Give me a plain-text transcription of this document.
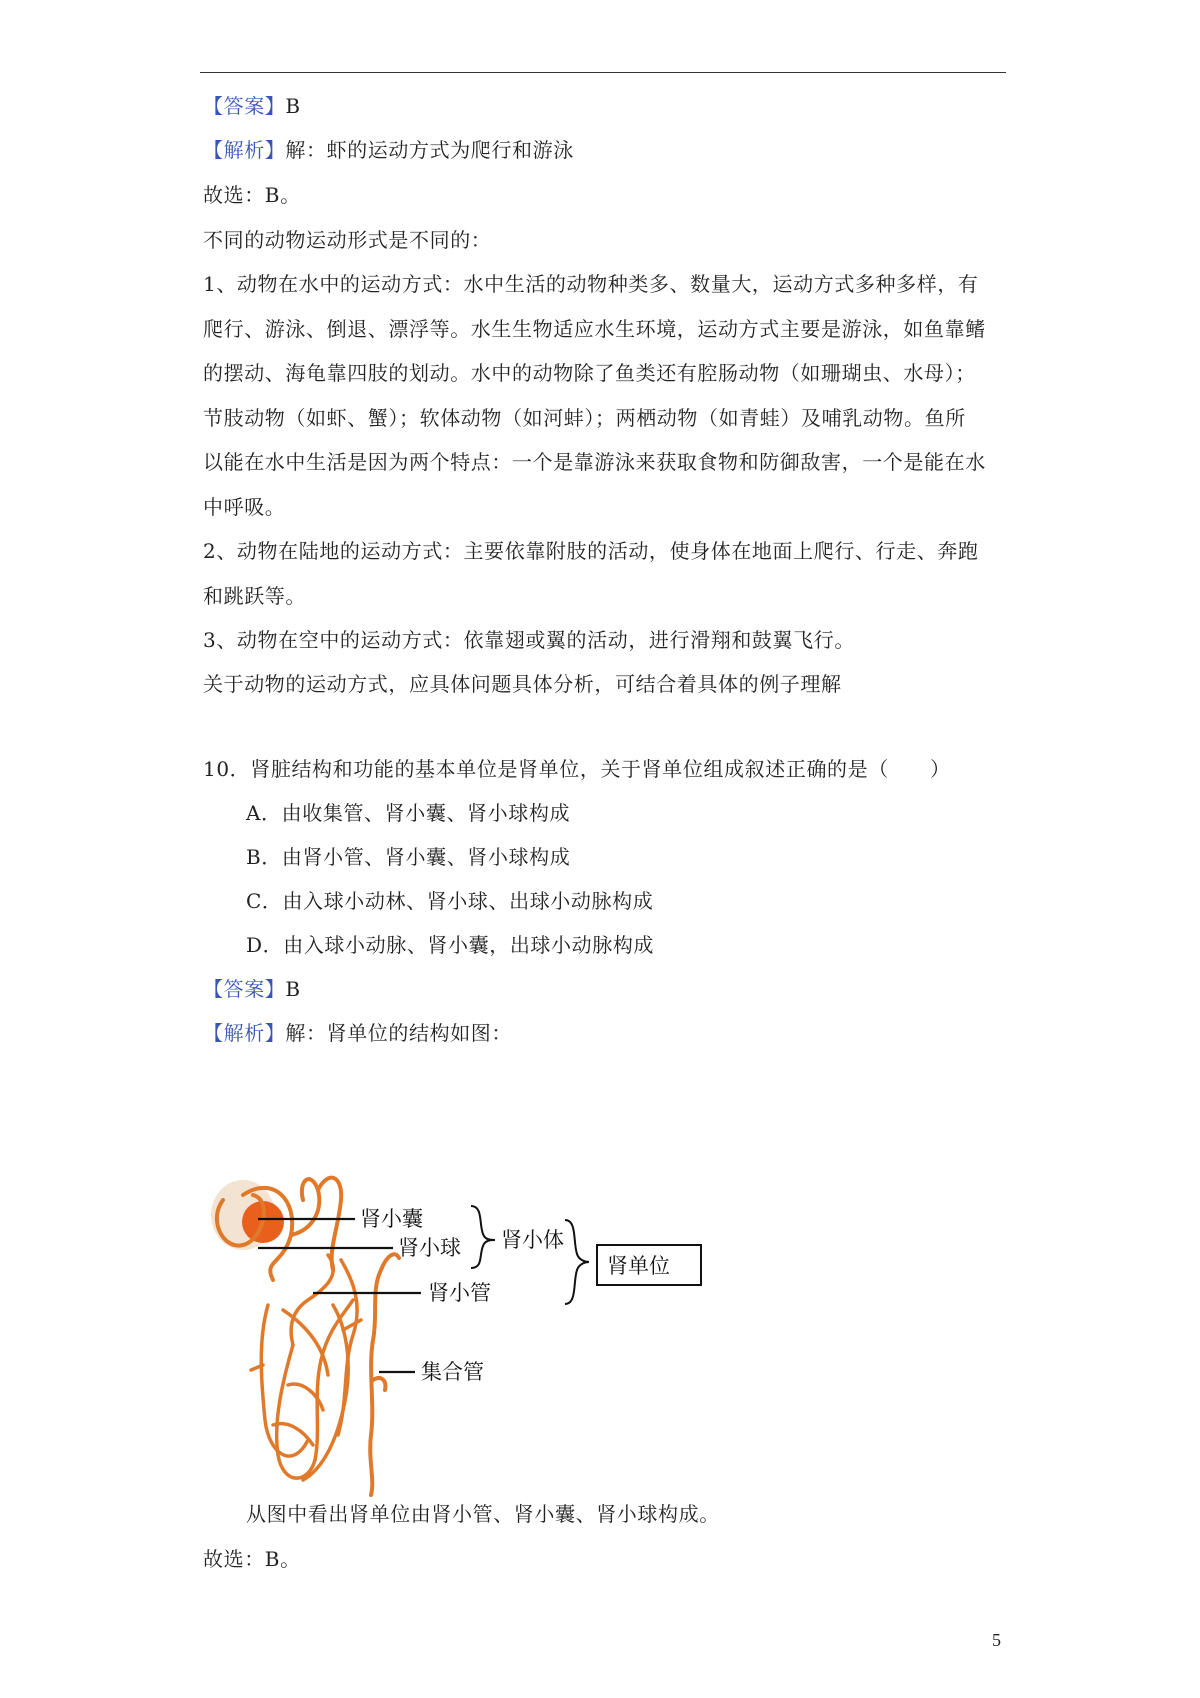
【答案】B
【解析】解：虾的运动方式为爬行和游泳
故选：B。
不同的动物运动形式是不同的：
1、动物在水中的运动方式：水中生活的动物种类多、数量大，运动方式多种多样，有
爬行、游泳、倒退、漂浮等。水生生物适应水生环境，运动方式主要是游泳，如鱼靠鳍
的摆动、海龟靠四肢的划动。水中的动物除了鱼类还有腔肠动物（如珊瑚虫、水母）；
节肢动物（如虾、蟹）；软体动物（如河蚌）；两栖动物（如青蛙）及哺乳动物。鱼所
以能在水中生活是因为两个特点：一个是靠游泳来获取食物和防御敌害，一个是能在水
中呼吸。
2、动物在陆地的运动方式：主要依靠附肢的活动，使身体在地面上爬行、行走、奔跑
和跳跃等。
3、动物在空中的运动方式：依靠翅或翼的活动，进行滑翔和鼓翼飞行。
关于动物的运动方式，应具体问题具体分析，可结合着具体的例子理解
10．肾脏结构和功能的基本单位是肾单位，关于肾单位组成叙述正确的是（　　）
A．由收集管、肾小囊、肾小球构成
B．由肾小管、肾小囊、肾小球构成
C．由入球小动林、肾小球、出球小动脉构成
D．由入球小动脉、肾小囊，出球小动脉构成
【答案】B
【解析】解：肾单位的结构如图：
肾小囊
肾小球
肾小管
集合管
肾小体
肾单位
从图中看出肾单位由肾小管、肾小囊、肾小球构成。
故选：B。
5
